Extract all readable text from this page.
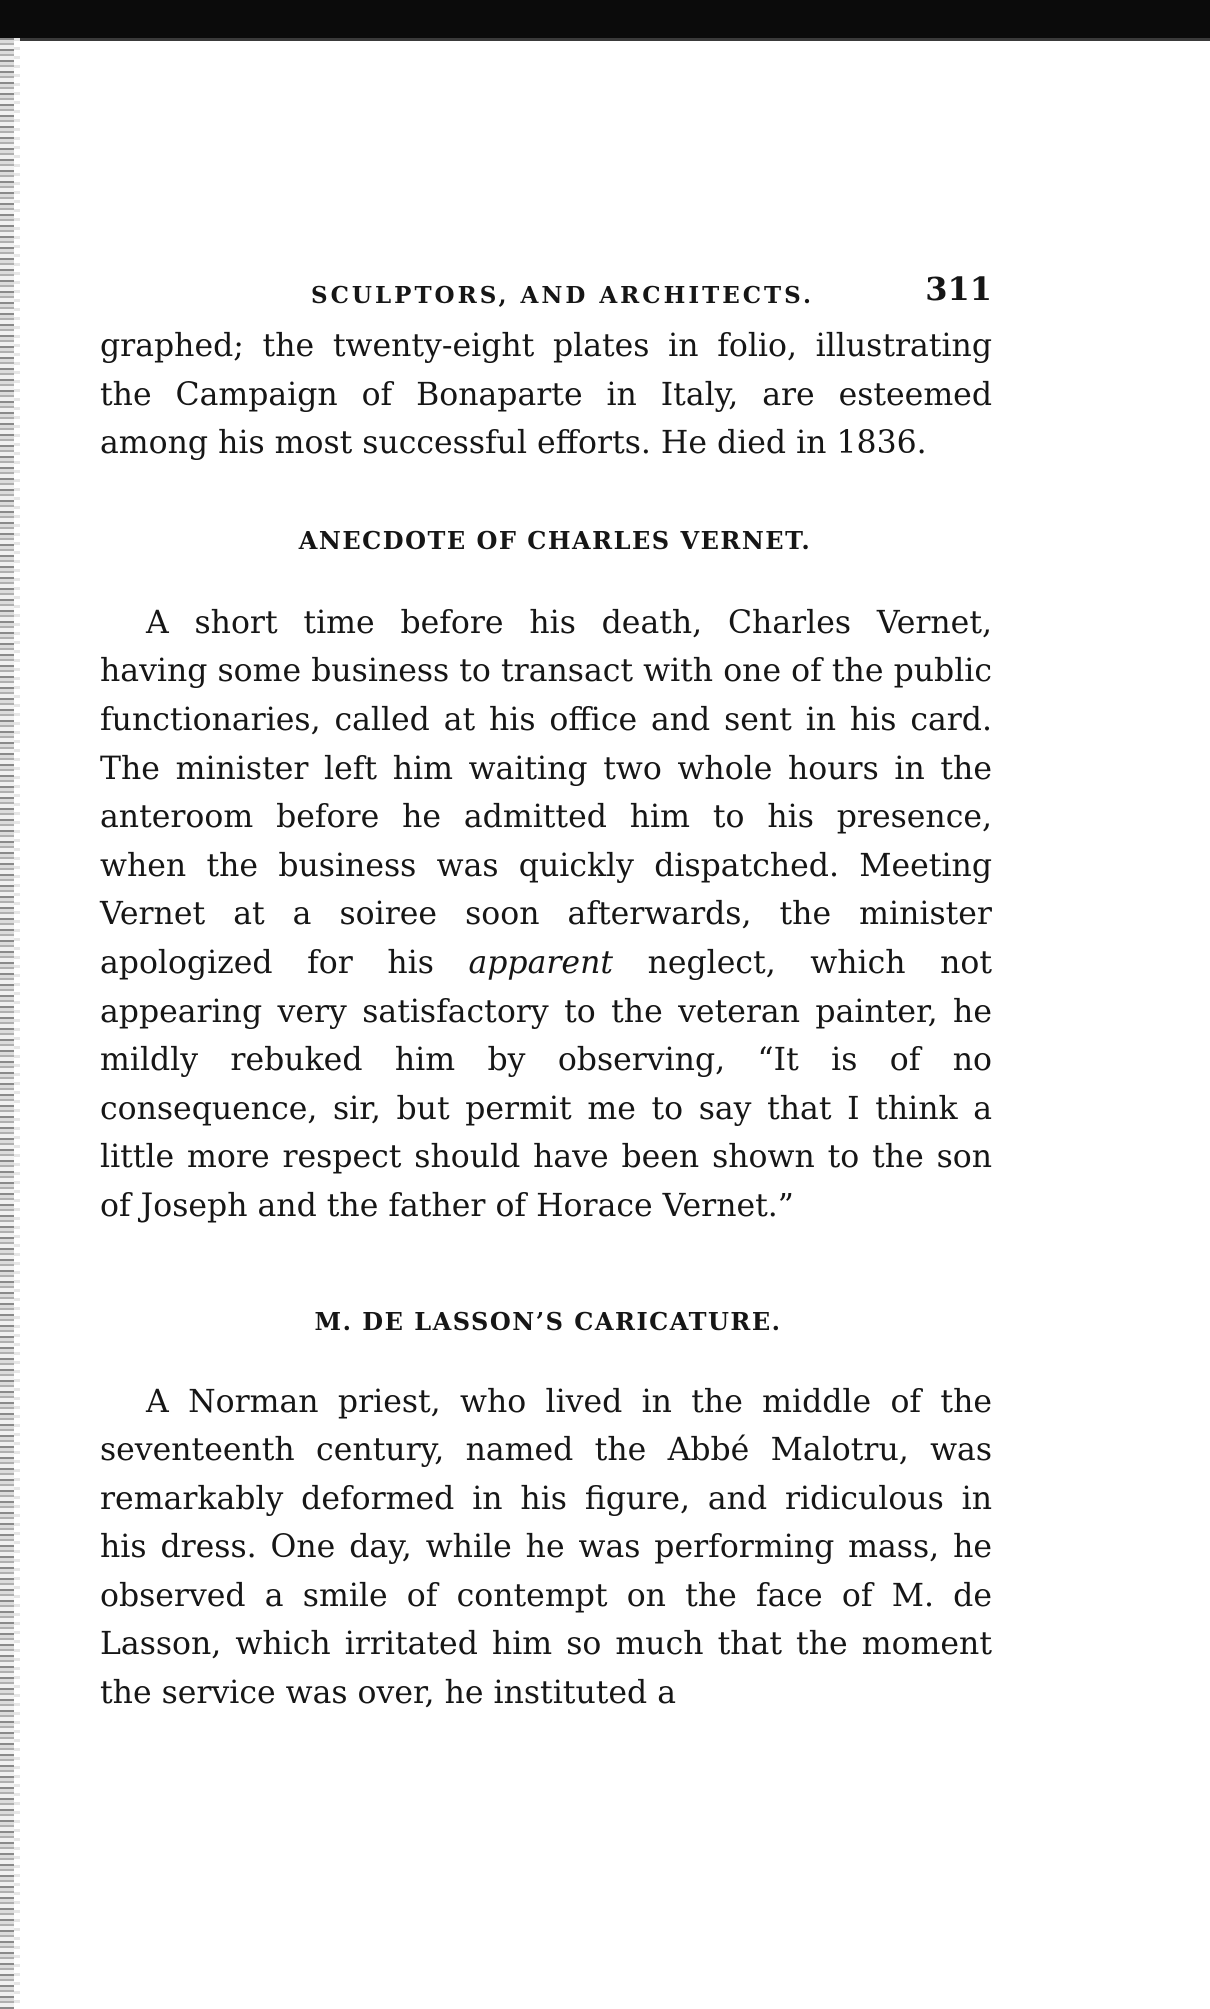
SCULPTORS, AND ARCHITECTS.	311

graphed; the twenty-eight plates in folio, illustrating the Campaign of Bonaparte in Italy, are esteemed among his most successful efforts. He died in 1836.

ANECDOTE OF CHARLES VERNET.

A short time before his death, Charles Vernet, having some business to transact with one of the public functionaries, called at his office and sent in his card. The minister left him waiting two whole hours in the anteroom before he admitted him to his presence, when the business was quickly dispatched. Meeting Vernet at a soiree soon afterwards, the minister apologized for his apparent neglect, which not appearing very satisfactory to the veteran painter, he mildly rebuked him by observing, “It is of no consequence, sir, but permit me to say that I think a little more respect should have been shown to the son of Joseph and the father of Horace Vernet.”

M. DE LASSON’S CARICATURE.

A Norman priest, who lived in the middle of the seventeenth century, named the Abbé Malotru, was remarkably deformed in his figure, and ridiculous in his dress. One day, while he was performing mass, he observed a smile of contempt on the face of M. de Lasson, which irritated him so much that the moment the service was over, he instituted a
